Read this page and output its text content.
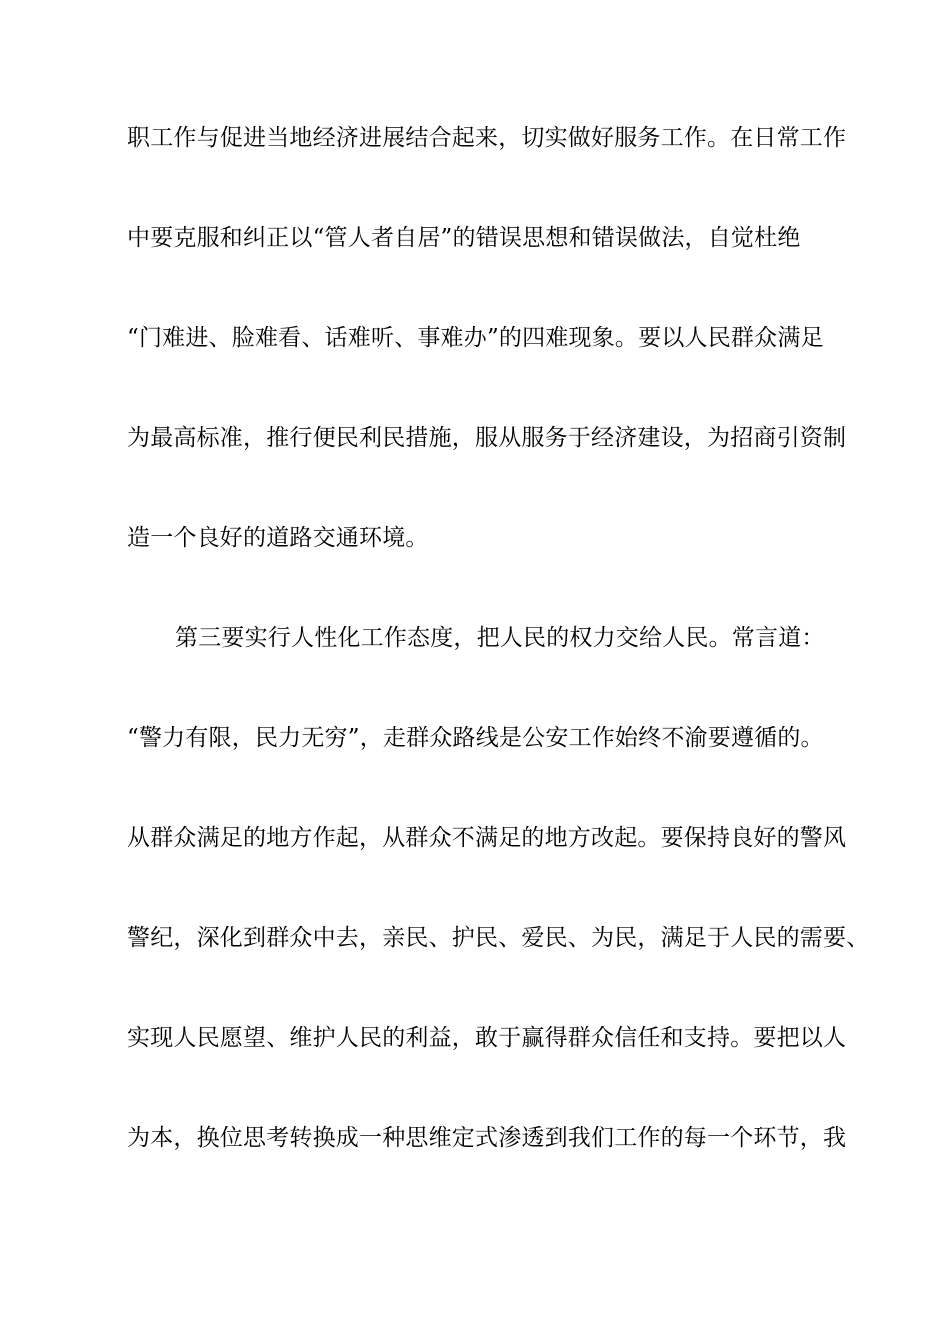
职工作与促进当地经济进展结合起来，切实做好服务工作。在日常工作
中要克服和纠正以“管人者自居”的错误思想和错误做法，自觉杜绝
“门难进、脸难看、话难听、事难办”的四难现象。要以人民群众满足
为最高标准，推行便民利民措施，服从服务于经济建设，为招商引资制
造一个良好的道路交通环境。
第三要实行人性化工作态度，把人民的权力交给人民。常言道：
“警力有限，民力无穷”，走群众路线是公安工作始终不渝要遵循的。
从群众满足的地方作起，从群众不满足的地方改起。要保持良好的警风
警纪，深化到群众中去，亲民、护民、爱民、为民，满足于人民的需要、
实现人民愿望、维护人民的利益，敢于赢得群众信任和支持。要把以人
为本，换位思考转换成一种思维定式渗透到我们工作的每一个环节，我
